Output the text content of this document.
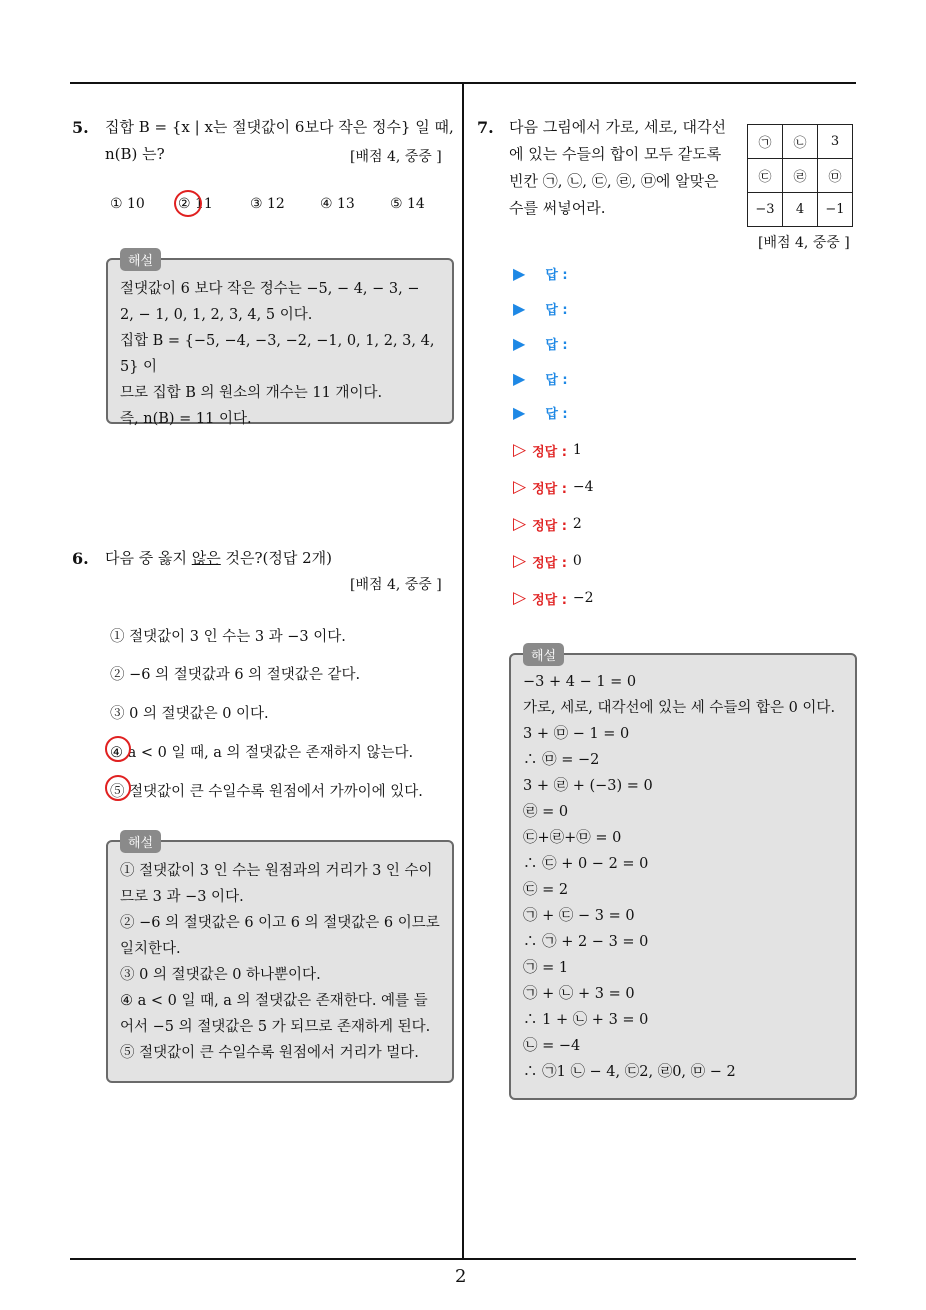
2
5. 집합 B = {x | x는 절댓값이 6보다 작은 정수} 일 때,
n(B) 는?	[배점 4, 중중 ]
① 10 ② 11	③ 12	④ 13	⑤ 14
해설
절댓값이 6 보다 작은 정수는 −5, − 4, − 3, −
2, − 1, 0, 1, 2, 3, 4, 5 이다.
집합 B = {−5, −4, −3, −2, −1, 0, 1, 2, 3, 4, 5} 이
므로 집합 B 의 원소의 개수는 11 개이다.
즉, n(B) = 11 이다.
6. 다음 중 옳지 않은 것은?(정답 2개)
[배점 4, 중중 ]
① 절댓값이 3 인 수는 3 과 −3 이다.
② −6 의 절댓값과 6 의 절댓값은 같다.
③ 0 의 절댓값은 0 이다.
④ a < 0 일 때, a 의 절댓값은 존재하지 않는다.
⑤ 절댓값이 큰 수일수록 원점에서 가까이에 있다.
해설
① 절댓값이 3 인 수는 원점과의 거리가 3 인 수이
므로 3 과 −3 이다.
② −6 의 절댓값은 6 이고 6 의 절댓값은 6 이므로
일치한다.
③ 0 의 절댓값은 0 하나뿐이다.
④ a < 0 일 때, a 의 절댓값은 존재한다. 예를 들
어서 −5 의 절댓값은 5 가 되므로 존재하게 된다.
⑤ 절댓값이 큰 수일수록 원점에서 거리가 멀다.
7. 다음 그림에서 가로, 세로, 대각선
에 있는 수들의 합이 모두 같도록
빈칸 ㉠, ㉡, ㉢, ㉣, ㉤에 알맞은
수를 써넣어라.
㉠	㉡	3
㉢	㉣	㉤
−3	4	−1
[배점 4, 중중 ]
▶ 답 :
▶ 답 :
▶ 답 :
▶ 답 :
▶ 답 :
▷ 정답 : 1
▷ 정답 : −4
▷ 정답 : 2
▷ 정답 : 0
▷ 정답 : −2
해설
−3 + 4 − 1 = 0
가로, 세로, 대각선에 있는 세 수들의 합은 0 이다.
3 + ㉤ − 1 = 0
∴ ㉤ = −2
3 + ㉣ + (−3) = 0
㉣ = 0
㉢+㉣+㉤ = 0
∴ ㉢ + 0 − 2 = 0
㉢ = 2
㉠ + ㉢ − 3 = 0
∴ ㉠ + 2 − 3 = 0
㉠ = 1
㉠ + ㉡ + 3 = 0
∴ 1 + ㉡ + 3 = 0
㉡ = −4
∴ ㉠1 ㉡ − 4, ㉢2, ㉣0, ㉤ − 2
